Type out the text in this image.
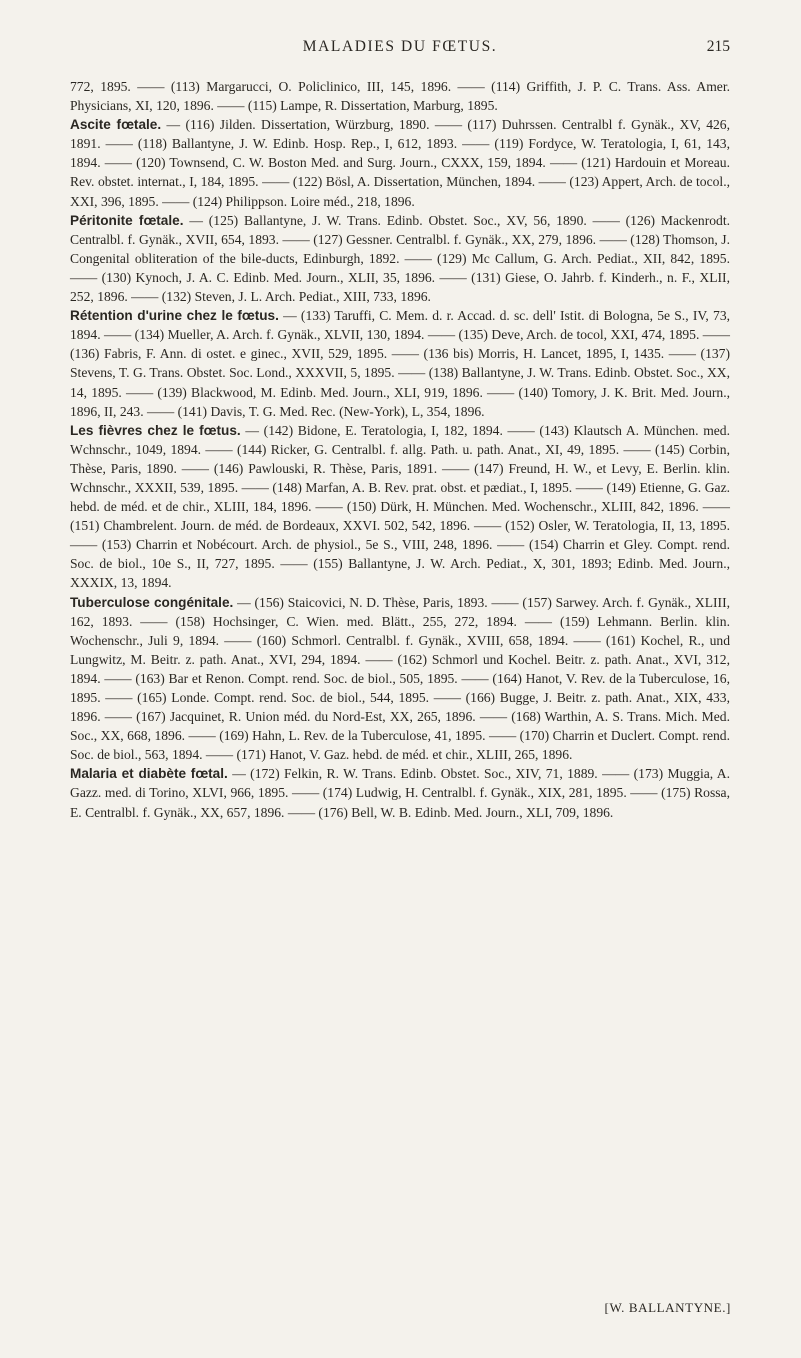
MALADIES DU FŒTUS.	215

772, 1895. —— (113) Margarucci, O. Policlinico, III, 145, 1896. —— (114) Griffith, J. P. C. Trans. Ass. Amer. Physicians, XI, 120, 1896. —— (115) Lampe, R. Dissertation, Marburg, 1895.

Ascite fœtale. — (116) Jilden. Dissertation, Würzburg, 1890. —— (117) Duhrssen. Centralbl f. Gynäk., XV, 426, 1891. —— (118) Ballantyne, J. W. Edinb. Hosp. Rep., I, 612, 1893. —— (119) Fordyce, W. Teratologia, I, 61, 143, 1894. —— (120) Townsend, C. W. Boston Med. and Surg. Journ., CXXX, 159, 1894. —— (121) Hardouin et Moreau. Rev. obstet. internat., I, 184, 1895. —— (122) Bösl, A. Dissertation, München, 1894. —— (123) Appert, Arch. de tocol., XXI, 396, 1895. —— (124) Philippson. Loire méd., 218, 1896.

Péritonite fœtale. — (125) Ballantyne, J. W. Trans. Edinb. Obstet. Soc., XV, 56, 1890. —— (126) Mackenrodt. Centralbl. f. Gynäk., XVII, 654, 1893. —— (127) Gessner. Centralbl. f. Gynäk., XX, 279, 1896. —— (128) Thomson, J. Congenital obliteration of the bile-ducts, Edinburgh, 1892. —— (129) Mc Callum, G. Arch. Pediat., XII, 842, 1895. —— (130) Kynoch, J. A. C. Edinb. Med. Journ., XLII, 35, 1896. —— (131) Giese, O. Jahrb. f. Kinderh., n. F., XLII, 252, 1896. —— (132) Steven, J. L. Arch. Pediat., XIII, 733, 1896.

Rétention d'urine chez le fœtus. — (133) Taruffi, C. Mem. d. r. Accad. d. sc. dell' Istit. di Bologna, 5e S., IV, 73, 1894. —— (134) Mueller, A. Arch. f. Gynäk., XLVII, 130, 1894. —— (135) Deve, Arch. de tocol, XXI, 474, 1895. —— (136) Fabris, F. Ann. di ostet. e ginec., XVII, 529, 1895. —— (136 bis) Morris, H. Lancet, 1895, I, 1435. —— (137) Stevens, T. G. Trans. Obstet. Soc. Lond., XXXVII, 5, 1895. —— (138) Ballantyne, J. W. Trans. Edinb. Obstet. Soc., XX, 14, 1895. —— (139) Blackwood, M. Edinb. Med. Journ., XLI, 919, 1896. —— (140) Tomory, J. K. Brit. Med. Journ., 1896, II, 243. —— (141) Davis, T. G. Med. Rec. (New-York), L, 354, 1896.

Les fièvres chez le fœtus. — (142) Bidone, E. Teratologia, I, 182, 1894. —— (143) Klautsch A. München. med. Wchnschr., 1049, 1894. —— (144) Ricker, G. Centralbl. f. allg. Path. u. path. Anat., XI, 49, 1895. —— (145) Corbin, Thèse, Paris, 1890. —— (146) Pawlouski, R. Thèse, Paris, 1891. —— (147) Freund, H. W., et Levy, E. Berlin. klin. Wchnschr., XXXII, 539, 1895. —— (148) Marfan, A. B. Rev. prat. obst. et pædiat., I, 1895. —— (149) Etienne, G. Gaz. hebd. de méd. et de chir., XLIII, 184, 1896. —— (150) Dürk, H. München. Med. Wochenschr., XLIII, 842, 1896. —— (151) Chambrelent. Journ. de méd. de Bordeaux, XXVI. 502, 542, 1896. —— (152) Osler, W. Teratologia, II, 13, 1895. —— (153) Charrin et Nobécourt. Arch. de physiol., 5e S., VIII, 248, 1896. —— (154) Charrin et Gley. Compt. rend. Soc. de biol., 10e S., II, 727, 1895. —— (155) Ballantyne, J. W. Arch. Pediat., X, 301, 1893; Edinb. Med. Journ., XXXIX, 13, 1894.

Tuberculose congénitale. — (156) Staicovici, N. D. Thèse, Paris, 1893. —— (157) Sarwey. Arch. f. Gynäk., XLIII, 162, 1893. —— (158) Hochsinger, C. Wien. med. Blätt., 255, 272, 1894. —— (159) Lehmann. Berlin. klin. Wochenschr., Juli 9, 1894. —— (160) Schmorl. Centralbl. f. Gynäk., XVIII, 658, 1894. —— (161) Kochel, R., und Lungwitz, M. Beitr. z. path. Anat., XVI, 294, 1894. —— (162) Schmorl und Kochel. Beitr. z. path. Anat., XVI, 312, 1894. —— (163) Bar et Renon. Compt. rend. Soc. de biol., 505, 1895. —— (164) Hanot, V. Rev. de la Tuberculose, 16, 1895. —— (165) Londe. Compt. rend. Soc. de biol., 544, 1895. —— (166) Bugge, J. Beitr. z. path. Anat., XIX, 433, 1896. —— (167) Jacquinet, R. Union méd. du Nord-Est, XX, 265, 1896. —— (168) Warthin, A. S. Trans. Mich. Med. Soc., XX, 668, 1896. —— (169) Hahn, L. Rev. de la Tuberculose, 41, 1895. —— (170) Charrin et Duclert. Compt. rend. Soc. de biol., 563, 1894. —— (171) Hanot, V. Gaz. hebd. de méd. et chir., XLIII, 265, 1896.

Malaria et diabète fœtal. — (172) Felkin, R. W. Trans. Edinb. Obstet. Soc., XIV, 71, 1889. —— (173) Muggia, A. Gazz. med. di Torino, XLVI, 966, 1895. —— (174) Ludwig, H. Centralbl. f. Gynäk., XIX, 281, 1895. —— (175) Rossa, E. Centralbl. f. Gynäk., XX, 657, 1896. —— (176) Bell, W. B. Edinb. Med. Journ., XLI, 709, 1896.

[W. BALLANTYNE.]
